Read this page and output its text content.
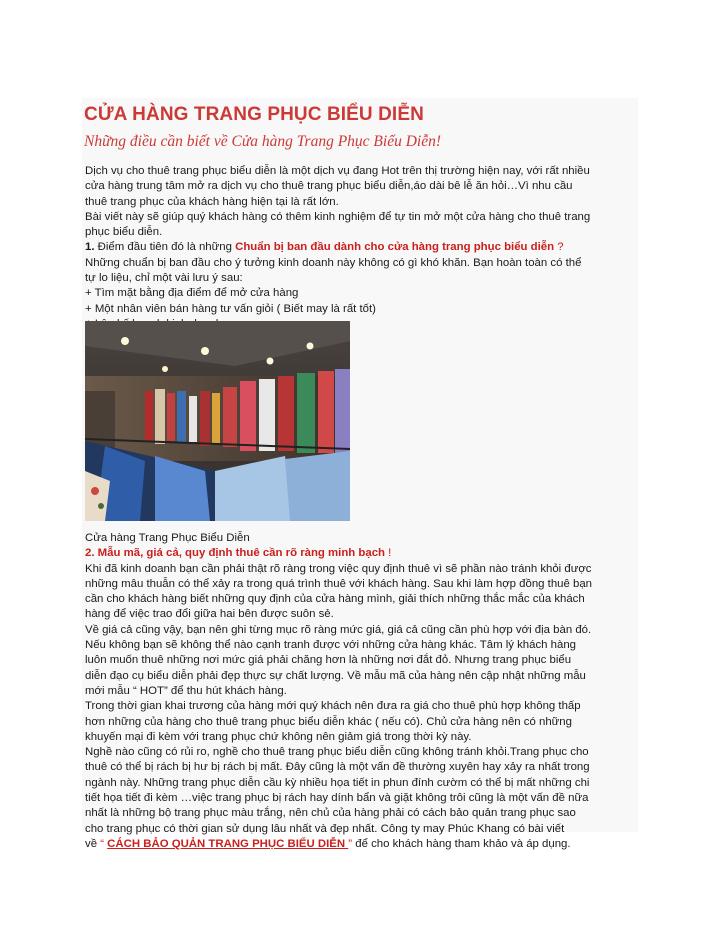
CỬA HÀNG TRANG PHỤC BIỂU DIỄN
Những điều cần biết về Cửa hàng Trang Phục Biểu Diễn!

Dịch vụ cho thuê trang phục biểu diễn là một dịch vụ đang Hot trên thị trường hiện nay, với rất nhiều

cửa hàng trung tâm mở ra dịch vụ cho thuê trang phục biểu diễn,áo dài bê lễ ăn hỏi…Vì nhu cầu

thuê trang phục của khách hàng hiện tại là rất lớn.

Bài viết này sẽ giúp quý khách hàng có thêm kinh nghiệm để tự tin mở một cửa hàng cho thuê trang

phục biểu diễn.

1. Điểm đầu tiên đó là những Chuẩn bị ban đầu dành cho cửa hàng trang phục biểu diễn ?

Những chuẩn bị ban đầu cho ý tưởng kinh doanh này không có gì khó khăn. Bạn hoàn toàn có thể

tự lo liệu, chỉ một vài lưu ý sau:

+ Tìm mặt bằng địa điểm để mở cửa hàng

+ Một nhân viên bán hàng tư vấn giỏi ( Biết may là rất tốt)

Cửa hàng Trang Phục Biểu Diễn

2. Mẫu mã, giá cả, quy định thuê cần rõ ràng minh bạch !

Khi đã kinh doanh bạn cần phải thật rõ ràng trong việc quy định thuê vì sẽ phần nào tránh khỏi được

những mâu thuẫn có thể xảy ra trong quá trình thuê với khách hàng. Sau khi làm hợp đồng thuê bạn

cần cho khách hàng biết những quy định của cửa hàng mình, giải thích những thắc mắc của khách

hàng để việc trao đổi giữa hai bên được suôn sẻ.

Về giá cả cũng vậy, bạn nên ghi từng mục rõ ràng mức giá, giá cả cũng cần phù hợp với địa bàn đó.

Nếu không bạn sẽ không thể nào cạnh tranh được với những cửa hàng khác. Tâm lý khách hàng

luôn muốn thuê những nơi mức giá phải chăng hơn là những nơi đắt đỏ. Nhưng trang phục biểu

diễn đạo cụ biểu diễn phải đẹp thực sự chất lượng. Về mẫu mã của hàng nên cập nhật những mẫu

mới mẫu “ HOT” để thu hút khách hàng.

Trong thời gian khai trương của hàng mới quý khách nên đưa ra giá cho thuê phù hợp không thấp

hơn những của hàng cho thuê trang phục biểu diễn khác ( nếu có). Chủ cửa hàng nên có những

khuyến mại đi kèm với trang phục chứ không nên giảm giá trong thời kỳ này.

Nghề nào cũng có rủi ro, nghề cho thuê trang phục biểu diễn cũng không tránh khỏi.Trang phục cho

thuê có thể bị rách bị hư bị rách bị mất. Đây cũng là một vấn đề thường xuyên hay xảy ra nhất trong

ngành này. Những trang phục diễn cầu kỳ nhiều họa tiết in phun đính cườm có thể bị mất những chi

tiết họa tiết đi kèm …việc trang phục bị rách hay dính bẩn và giặt không trôi cũng là một vấn đề nữa

nhất là những bộ trang phục màu trắng, nên chủ của hàng phải có cách bảo quản trang phục sao

cho trang phục có thời gian sử dụng lâu nhất và đẹp nhất. Công ty may Phúc Khang có bài viết

về “ CÁCH BẢO QUẢN TRANG PHỤC BIỂU DIỄN ” để cho khách hàng tham khảo và áp dụng.
